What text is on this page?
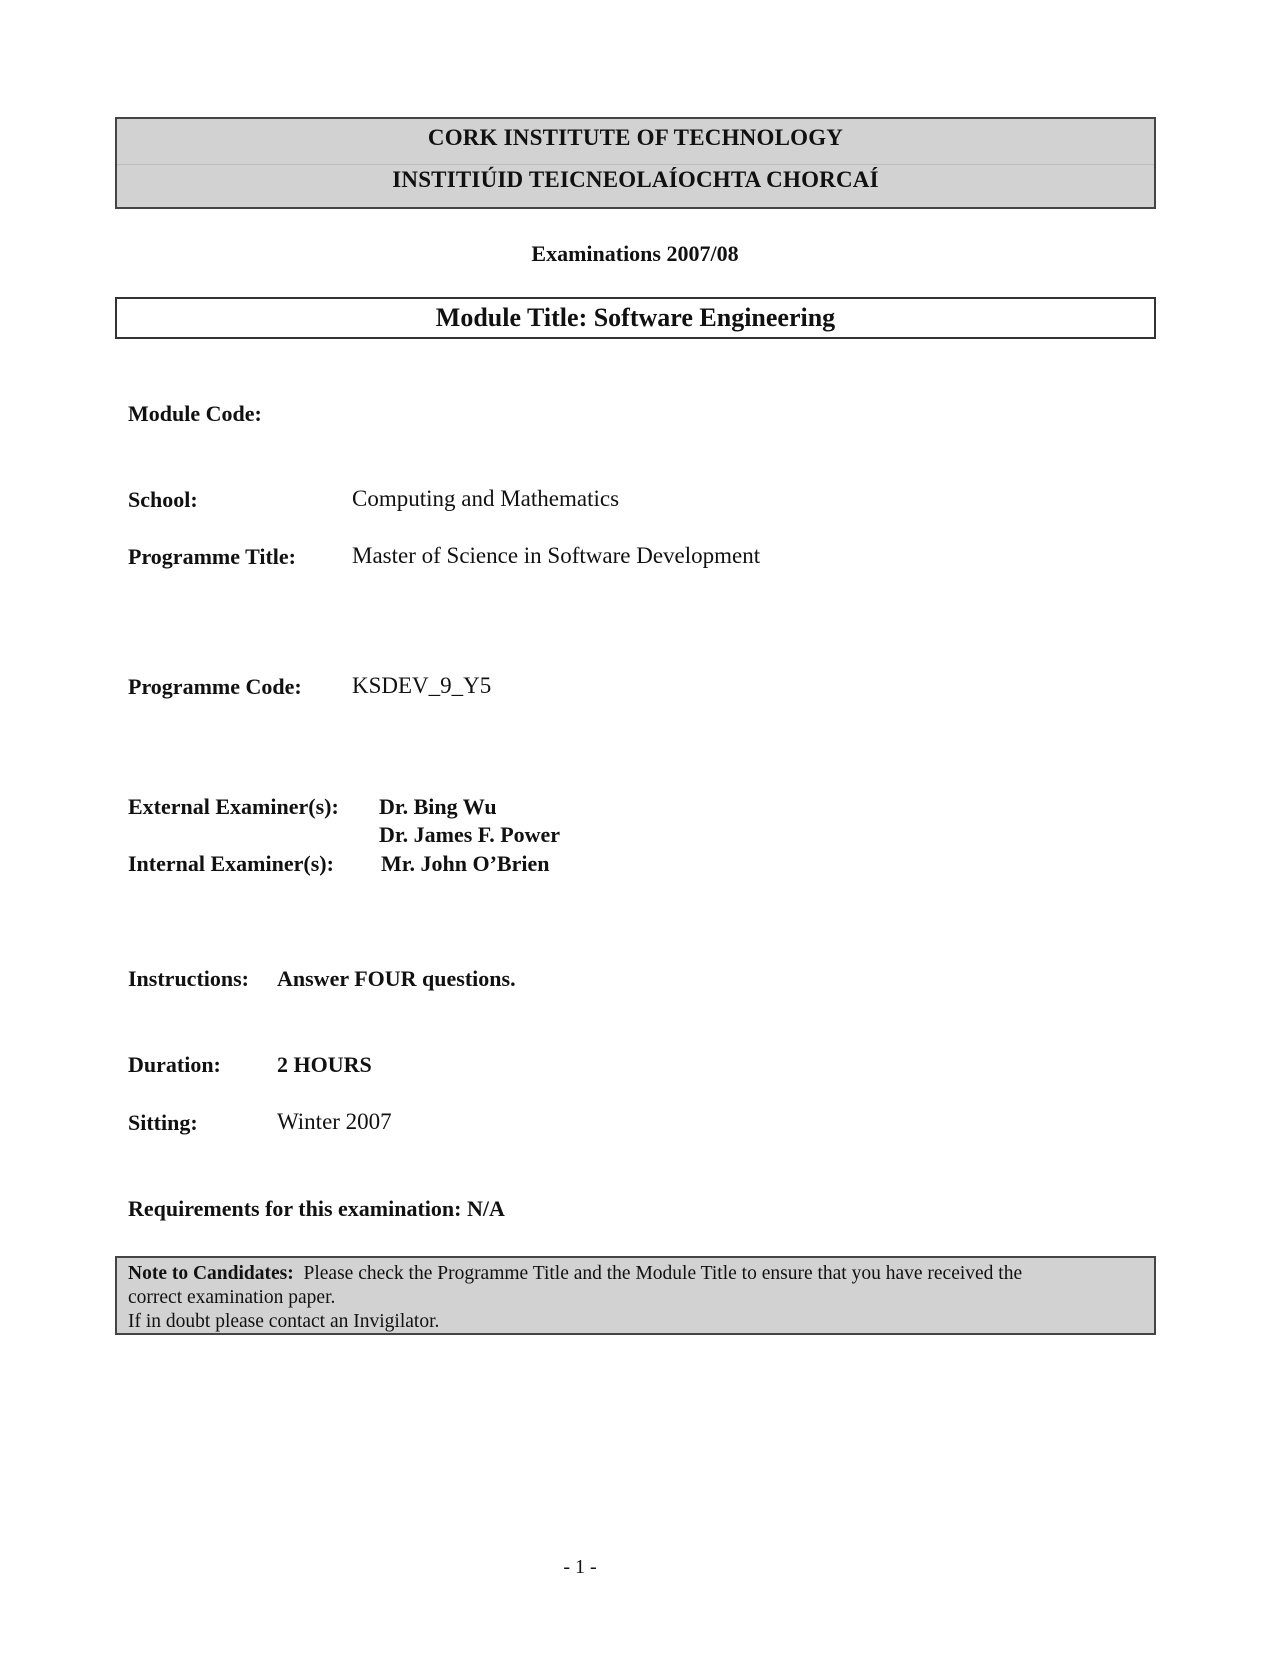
CORK INSTITUTE OF TECHNOLOGY
INSTITIÚID TEICNEOLAÍOCHTA CHORCAÍ
Examinations 2007/08
Module Title: Software Engineering
Module Code:
School:	Computing and Mathematics
Programme Title: Master of Science in Software Development
Programme Code: KSDEV_9_Y5
External Examiner(s): Dr. Bing Wu
Dr. James F. Power
Internal Examiner(s): Mr. John O’Brien
Instructions: Answer FOUR questions.
Duration:	2 HOURS
Sitting:	Winter 2007
Requirements for this examination: N/A
Note to Candidates: Please check the Programme Title and the Module Title to ensure that you have received the
correct examination paper.
If in doubt please contact an Invigilator.
- 1 -
